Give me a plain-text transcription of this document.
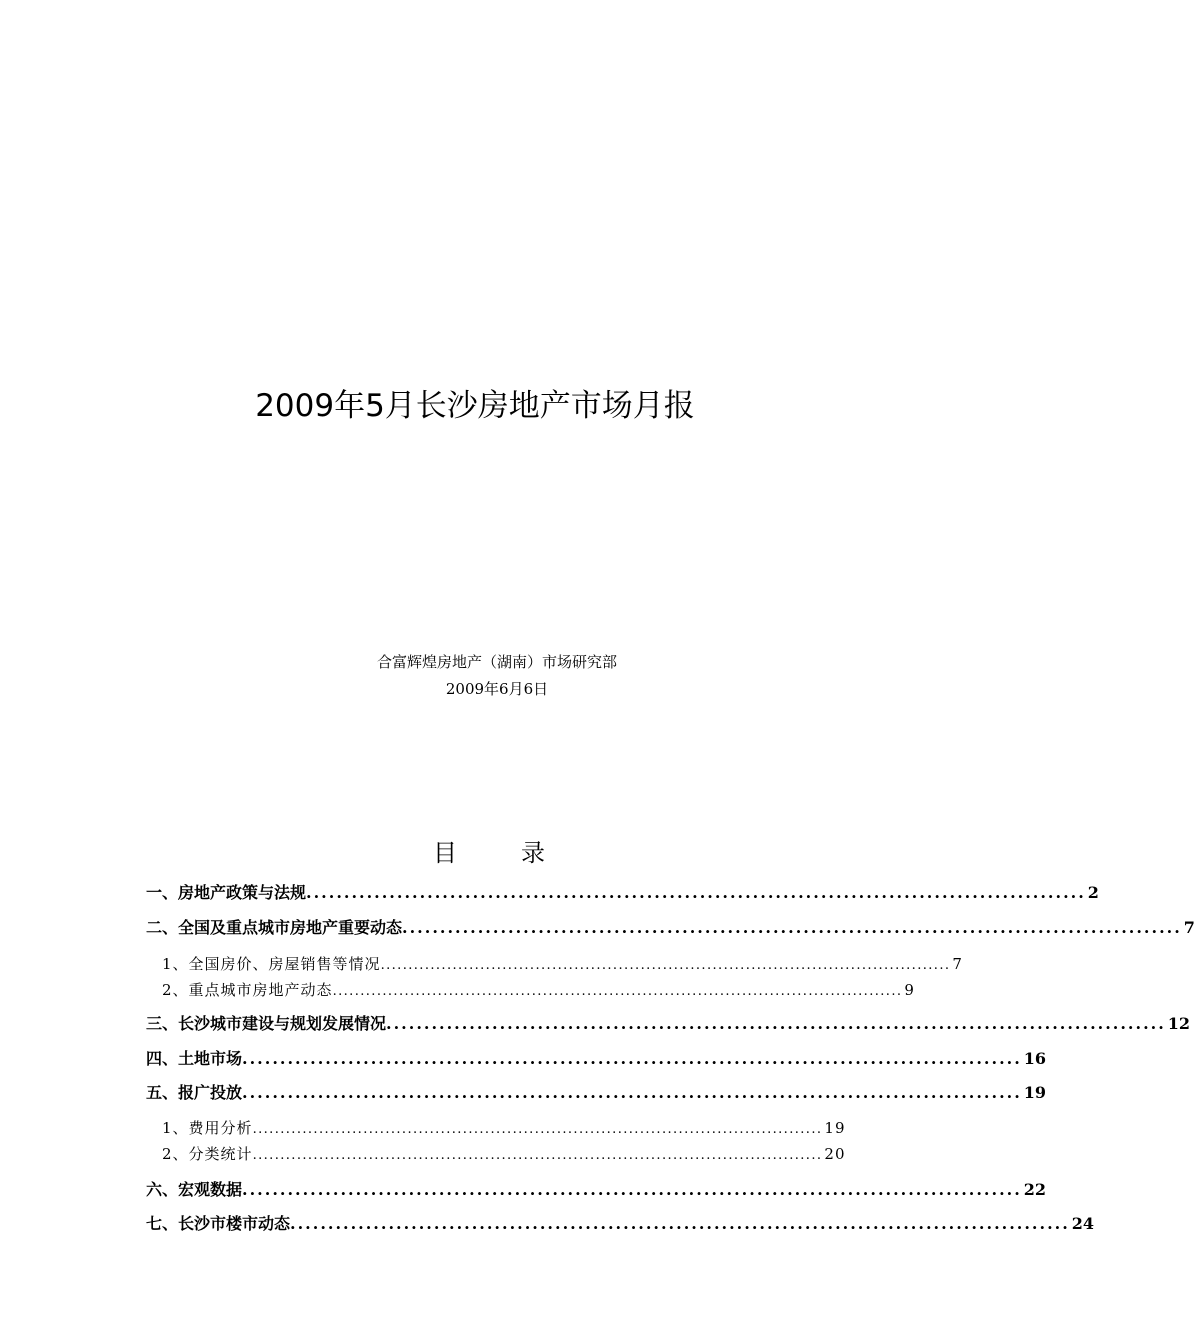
2009年5月长沙房地产市场月报
合富辉煌房地产（湖南）市场研究部
2009年6月6日
目	录
一、 房地产政策与法规 ....................................................................................................... 2
二、 全国及重点城市房地产重要动态 ....................................................................................................... 7
1、 全国房价、房屋销售等情况 ....................................................................................................... 7
2、 重点城市房地产动态 ....................................................................................................... 9
三、 长沙城市建设与规划发展情况 ....................................................................................................... 12
四、 土地市场 ....................................................................................................... 16
五、 报广投放 ....................................................................................................... 19
1、 费用分析 ....................................................................................................... 19
2、 分类统计 ....................................................................................................... 20
六、 宏观数据 ....................................................................................................... 22
七、 长沙市楼市动态 ....................................................................................................... 24
